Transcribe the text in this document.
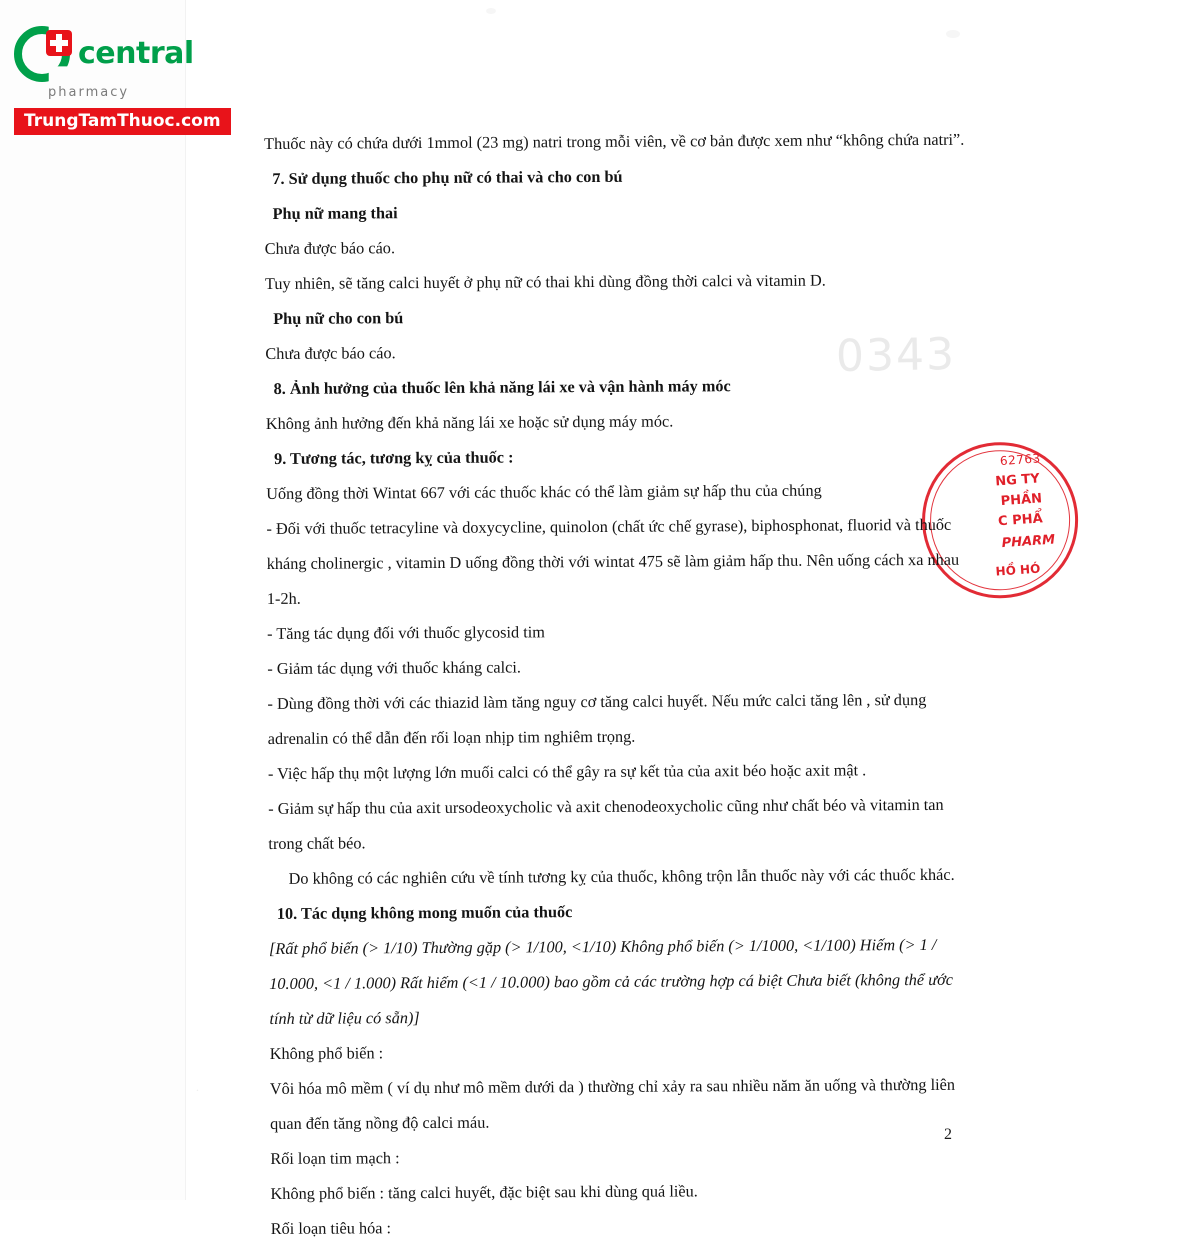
0343
.
central
pharmacy
TrungTamThuoc.com
62763
NG TY
PHẦN
C PHẨ
PHARM
HỒ HÓ
Thuốc này có chứa dưới 1mmol (23 mg) natri trong mỗi viên, về cơ bản được xem như “không chứa natri”.
7. Sử dụng thuốc cho phụ nữ có thai và cho con bú
Phụ nữ mang thai
Chưa được báo cáo.
Tuy nhiên, sẽ tăng calci huyết ở phụ nữ có thai khi dùng đồng thời calci và vitamin D.
Phụ nữ cho con bú
Chưa được báo cáo.
8. Ảnh hưởng của thuốc lên khả năng lái xe và vận hành máy móc
Không ảnh hưởng đến khả năng lái xe hoặc sử dụng máy móc.
9. Tương tác, tương kỵ của thuốc :
Uống đồng thời Wintat 667 với các thuốc khác có thể làm giảm sự hấp thu của chúng
- Đối với thuốc tetracyline và doxycycline, quinolon (chất ức chế gyrase), biphosphonat, fluorid và thuốc kháng cholinergic , vitamin D uống đồng thời với wintat 475 sẽ làm giảm hấp thu. Nên uống cách xa nhau 1-2h.
- Tăng tác dụng đối với thuốc glycosid tim
- Giảm tác dụng với thuốc kháng calci.
- Dùng đồng thời với các thiazid làm tăng nguy cơ tăng calci huyết. Nếu mức calci tăng lên , sử dụng adrenalin có thể dẫn đến rối loạn nhịp tim nghiêm trọng.
- Việc hấp thụ một lượng lớn muối calci có thể gây ra sự kết tủa của axit béo hoặc axit mật .
- Giảm sự hấp thu của axit ursodeoxycholic và axit chenodeoxycholic cũng như chất béo và vitamin tan trong chất béo.
Do không có các nghiên cứu về tính tương kỵ của thuốc, không trộn lẫn thuốc này với các thuốc khác.
10. Tác dụng không mong muốn của thuốc
[Rất phổ biến (> 1/10) Thường gặp (> 1/100, <1/10) Không phổ biến (> 1/1000, <1/100) Hiếm (> 1 / 10.000, <1 / 1.000) Rất hiếm (<1 / 10.000) bao gồm cả các trường hợp cá biệt Chưa biết (không thể ước tính từ dữ liệu có sẵn)]
Không phổ biến :
Vôi hóa mô mềm ( ví dụ như mô mềm dưới da ) thường chỉ xảy ra sau nhiều năm ăn uống và thường liên quan đến tăng nồng độ calci máu.
Rối loạn tim mạch :
Không phổ biến : tăng calci huyết, đặc biệt sau khi dùng quá liều.
Rối loạn tiêu hóa :
2
